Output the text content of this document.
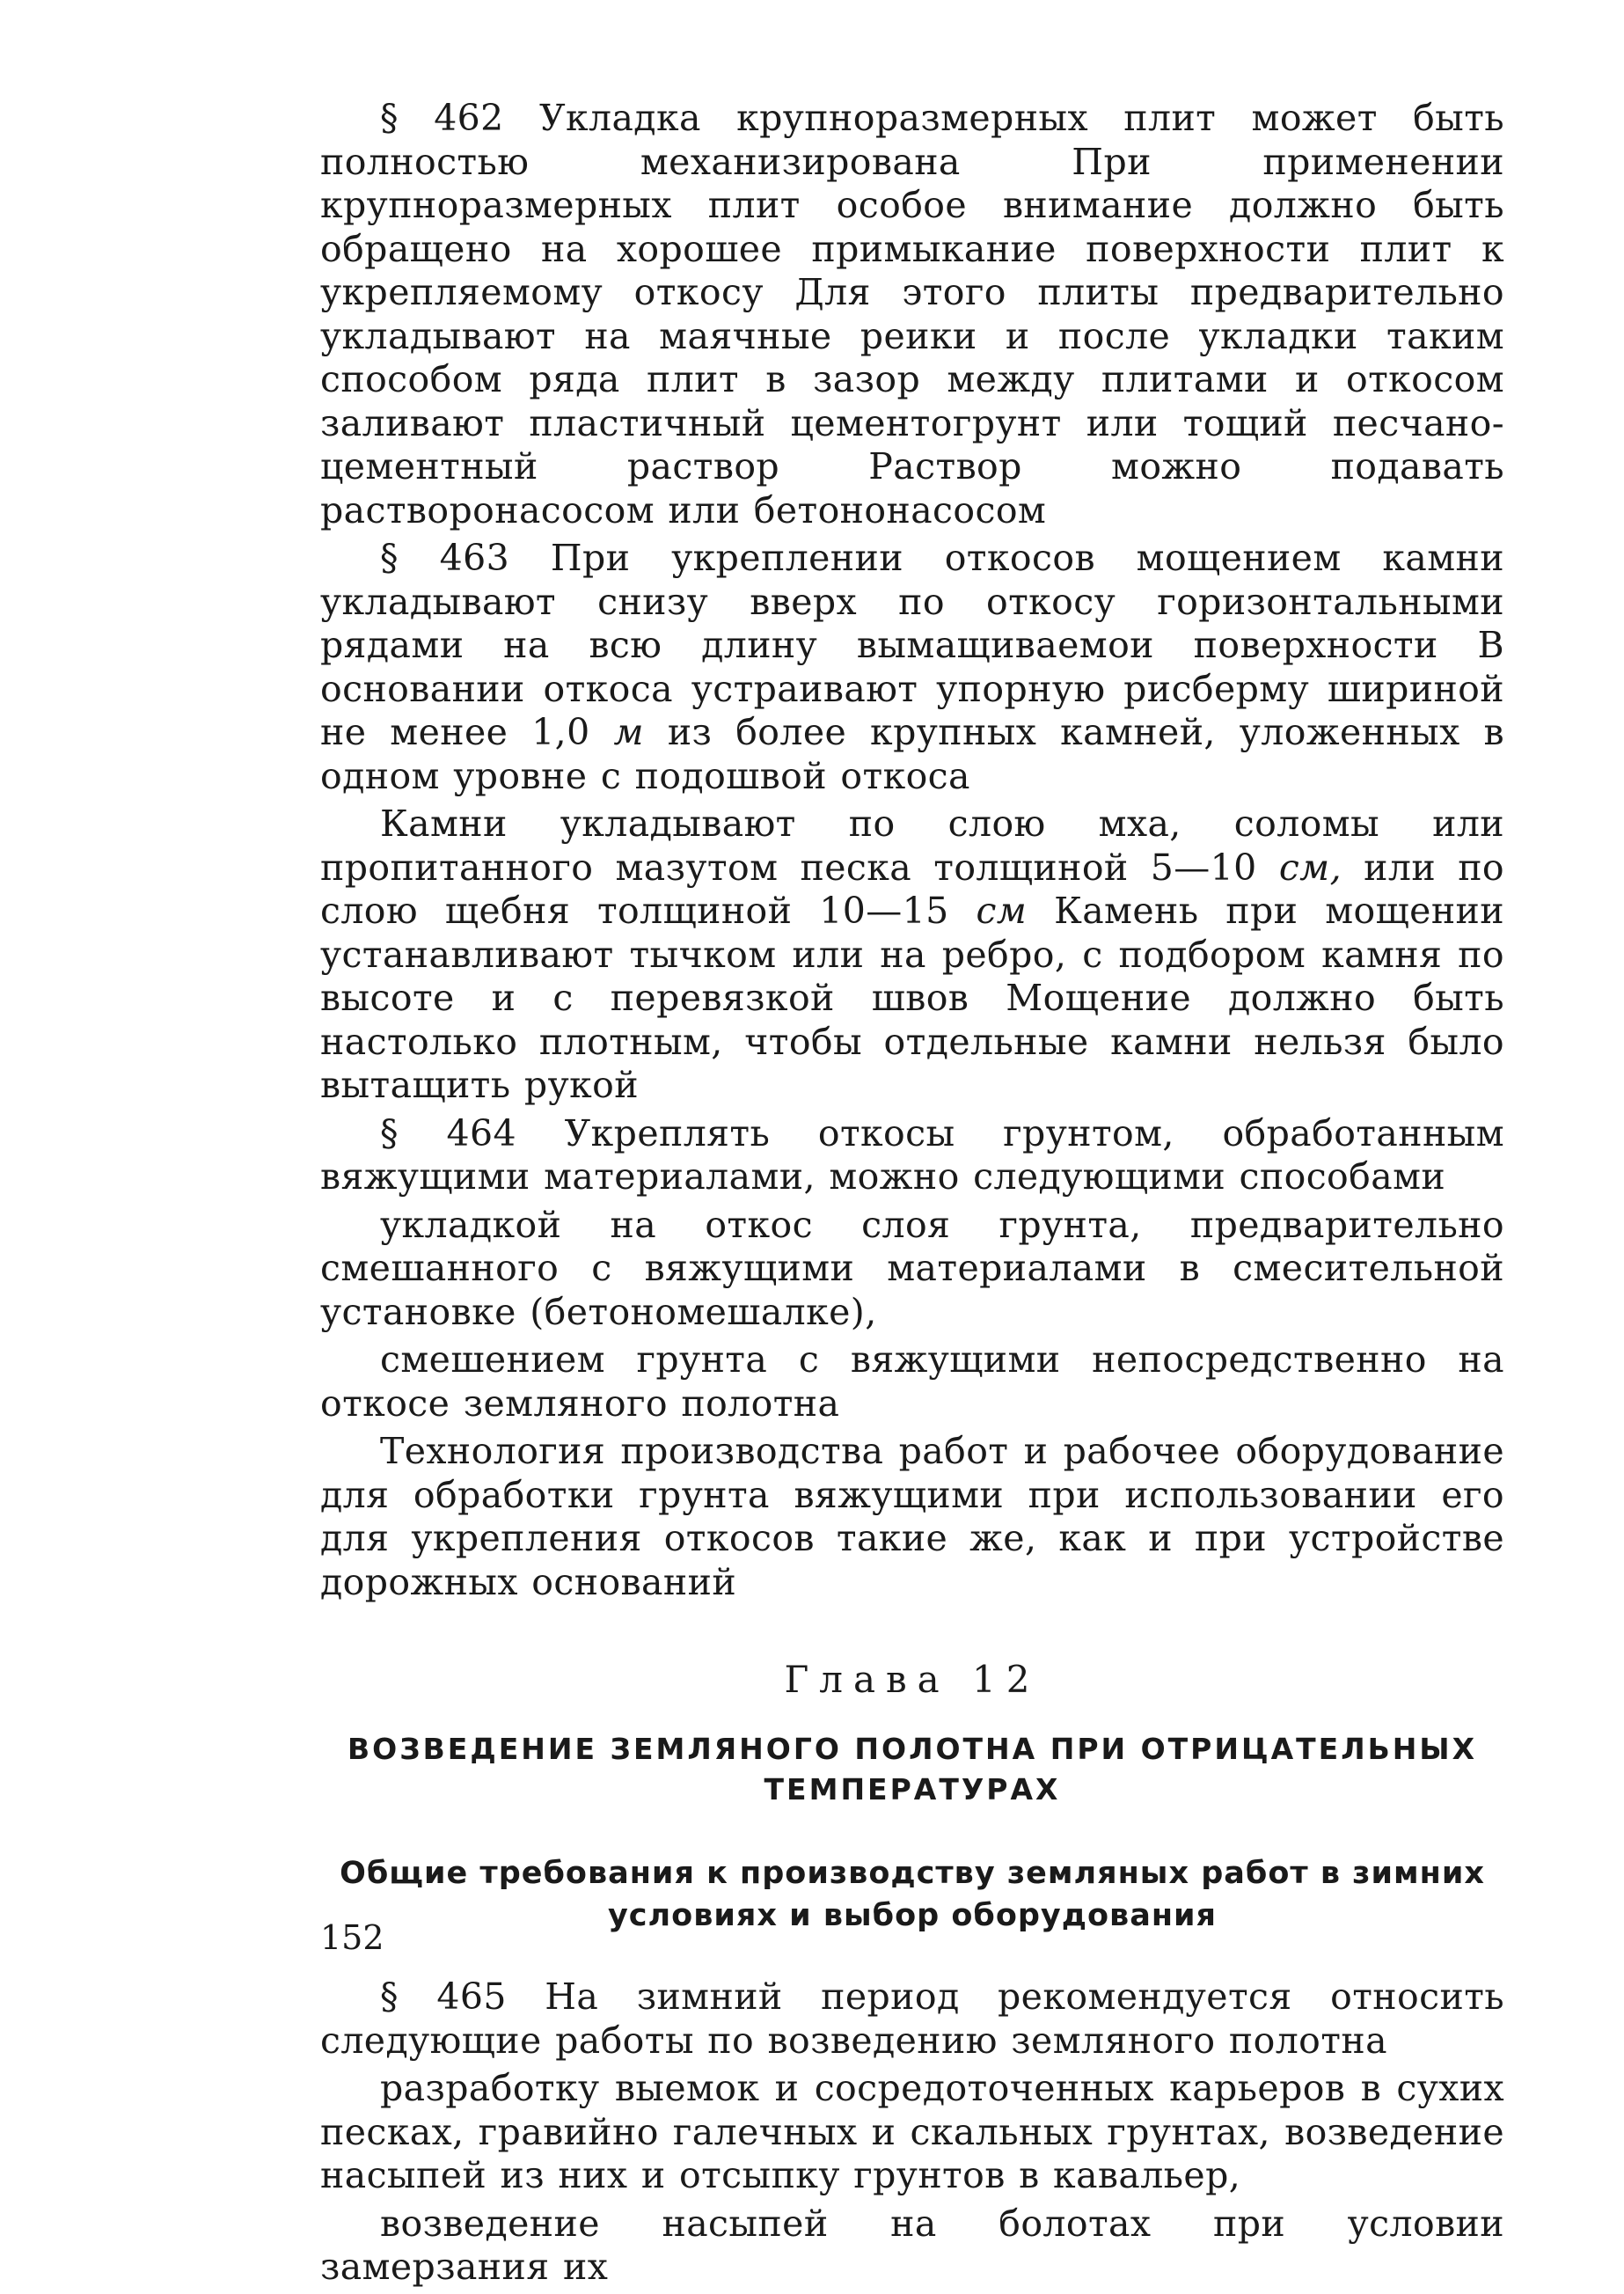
§ 462 Укладка крупноразмерных плит может быть полностью механизирована При применении крупноразмерных плит особое внимание должно быть обращено на хорошее примыкание поверхности плит к укрепляемому откосу Для этого плиты предварительно укладывают на маячные реики и после укладки таким способом ряда плит в зазор между плитами и откосом заливают пластичный цементогрунт или тощий песчано-цементный раствор Раствор можно подавать растворонасосом или бетононасосом

§ 463 При укреплении откосов мощением камни укладывают снизу вверх по откосу горизонтальными рядами на всю длину вымащиваемои поверхности В основании откоса устраивают упорную рисберму шириной не менее 1,0 м из более крупных камней, уложенных в одном уровне с подошвой откоса

Камни укладывают по слою мха, соломы или пропитанного мазутом песка толщиной 5—10 см, или по слою щебня толщиной 10—15 см Камень при мощении устанавливают тычком или на ребро, с подбором камня по высоте и с перевязкой швов Мощение должно быть настолько плотным, чтобы отдельные камни нельзя было вытащить рукой

§ 464 Укреплять откосы грунтом, обработанным вяжущими материалами, можно следующими способами

укладкой на откос слоя грунта, предварительно смешанного с вяжущими материалами в смесительной установке (бетономешалке),

смешением грунта с вяжущими непосредственно на откосе земляного полотна

Технология производства работ и рабочее оборудование для обработки грунта вяжущими при использовании его для укрепления откосов такие же, как и при устройстве дорожных оснований

Глава 12
ВОЗВЕДЕНИЕ ЗЕМЛЯНОГО ПОЛОТНА ПРИ ОТРИЦАТЕЛЬНЫХ ТЕМПЕРАТУРАХ
Общие требования к производству земляных работ в зимних условиях и выбор оборудования

§ 465 На зимний период рекомендуется относить следующие работы по возведению земляного полотна

разработку выемок и сосредоточенных карьеров в сухих песках, гравийно галечных и скальных грунтах, возведение насыпей из них и отсыпку грунтов в кавальер,

возведение насыпей на болотах при условии замерзания их

152
